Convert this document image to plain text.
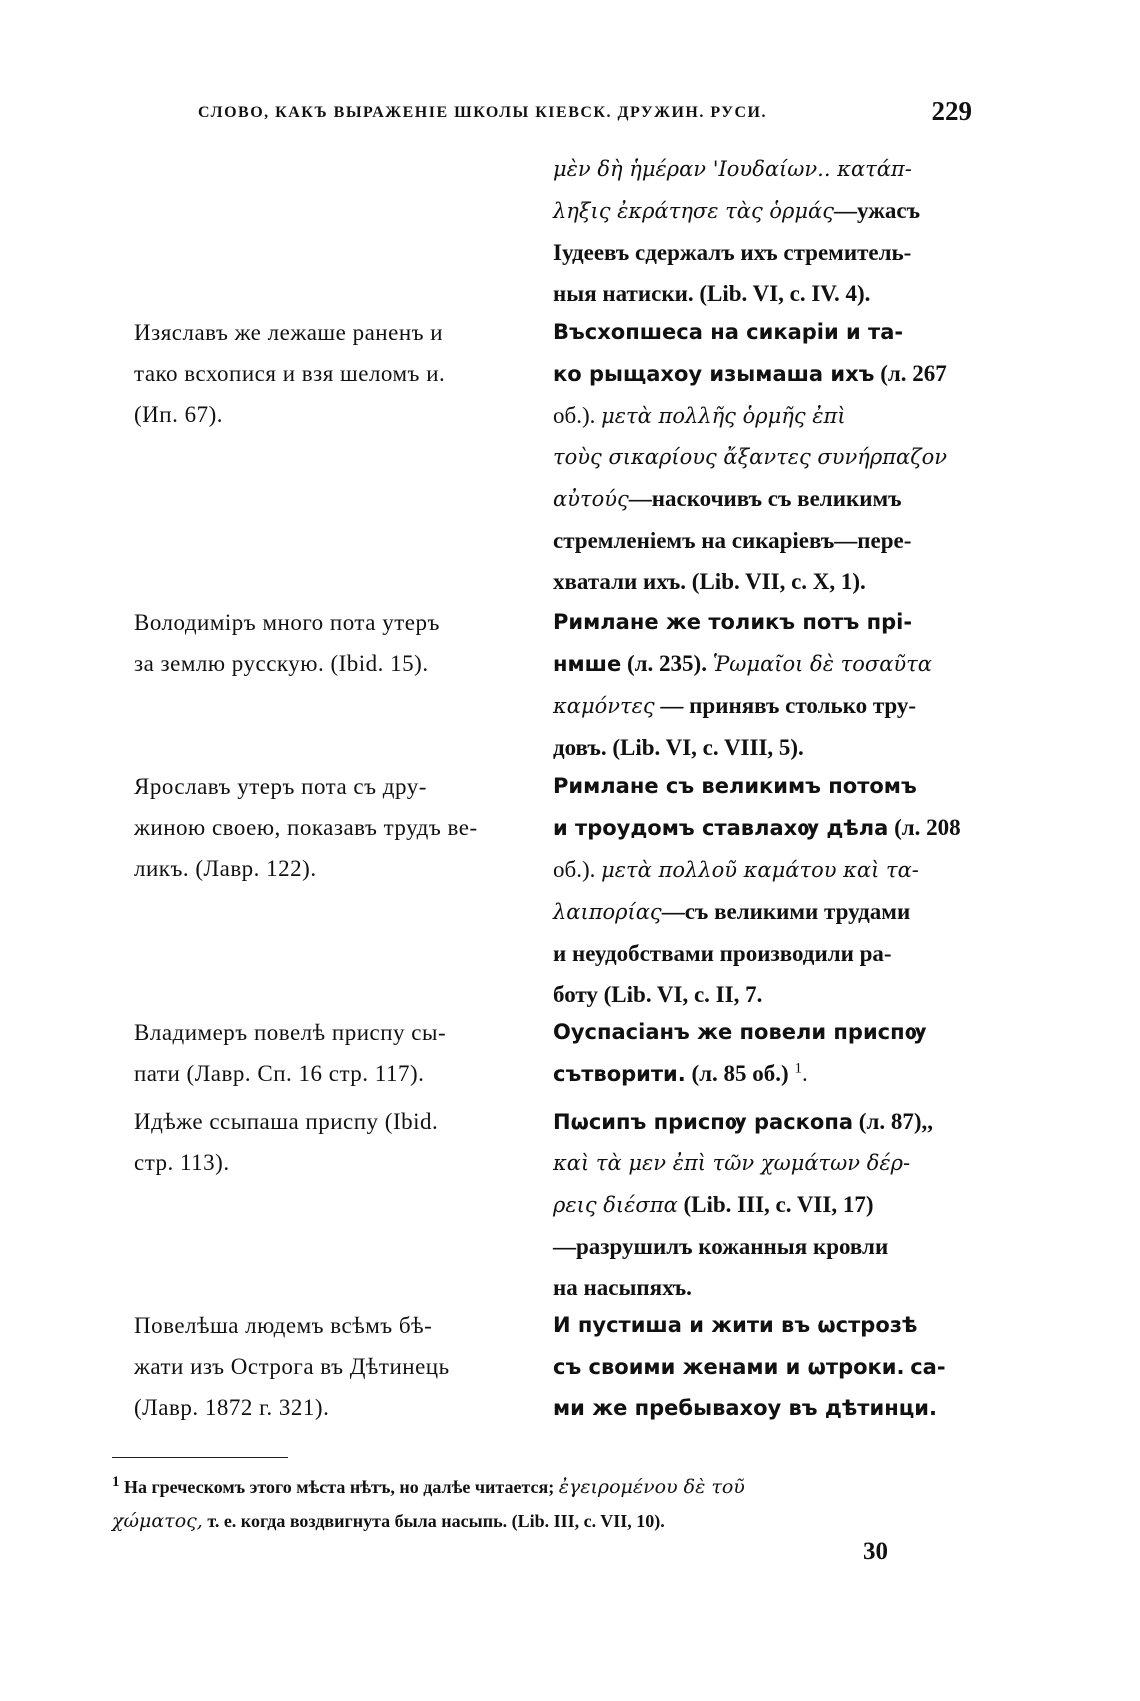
СЛОВО, КАКЪ ВЫРАЖЕНІЕ ШКОЛЫ КІЕВСК. ДРУЖИН. РУСИ.	229
μὲν δὴ ἡμέραν 'Ιουδαίων.. κατάπ-
ληξις ἐκράτησε τὰς ὁρμάς—ужасъ
Іудеевъ сдержалъ ихъ стремитель-
ныя натиски. (Lib. VI, c. IV. 4).
Въсхопшеса на сикаріи и та-
ко рыщахоу изымаша ихъ (л. 267
об.). μετὰ πολλῆς ὁρμῆς ἐπὶ
τοὺς σικαρίους ἄξαντες συνήρπαζον
αὐτούς—наскочивъ съ великимъ
стремленіемъ на сикаріевъ—пере-
хватали ихъ. (Lib. VII, c. X, 1).
Римлане же толикъ потъ прі-
нмше (л. 235). Ῥωμαῖοι δὲ τοσαῦτα
καμόντες — принявъ столько тру-
довъ. (Lib. VI, c. VIII, 5).
Римлане съ великимъ потомъ
и троудомъ ставлахѹ дѣла (л. 208
об.). μετὰ πολλοῦ καμάτου καὶ τα-
λαιπορίας—съ великими трудами
и неудобствами производили ра-
боту (Lib. VI, c. II, 7.
Оуспасіанъ же повели приспѹ
сътворити. (л. 85 об.) $^1$.
Пωсипъ приспѹ раскопа (л. 87),,
καὶ τὰ μεν ἐπὶ τῶν χωμάτων δέρ-
ρεις διέσπα (Lib. III, c. VII, 17)
—разрушилъ кожанныя кровли
на насыпяхъ.
И пустиша и жити въ ωстрозѣ
съ своими женами и ωтроки. са-
ми же пребывахоу въ дѣтинци.
Изяславъ же лежаше раненъ и
тако всхопися и взя шеломъ и.
(Ип. 67).
Володиміръ много пота утеръ
за землю русскую. (Ibid. 15).
Ярославъ утеръ пота съ дру-
жиною своею, показавъ трудъ ве-
ликъ. (Лавр. 122).
Владимеръ повелѣ приспу сы-
пати (Лавр. Сп. 16 стр. 117).
Идѣже ссыпаша приспу (Ibid.
стр. 113).
Повелѣша людемъ всѣмъ бѣ-
жати изъ Острога въ Дѣтинець
(Лавр. 1872 г. 321).
$^1$ На греческомъ этого мѣста нѣтъ, но далѣе читается; ἐγειρομένου δὲ τοῦ
χώματος, т. е. когда воздвигнута была насыпь. (Lib. III, c. VII, 10).
30
